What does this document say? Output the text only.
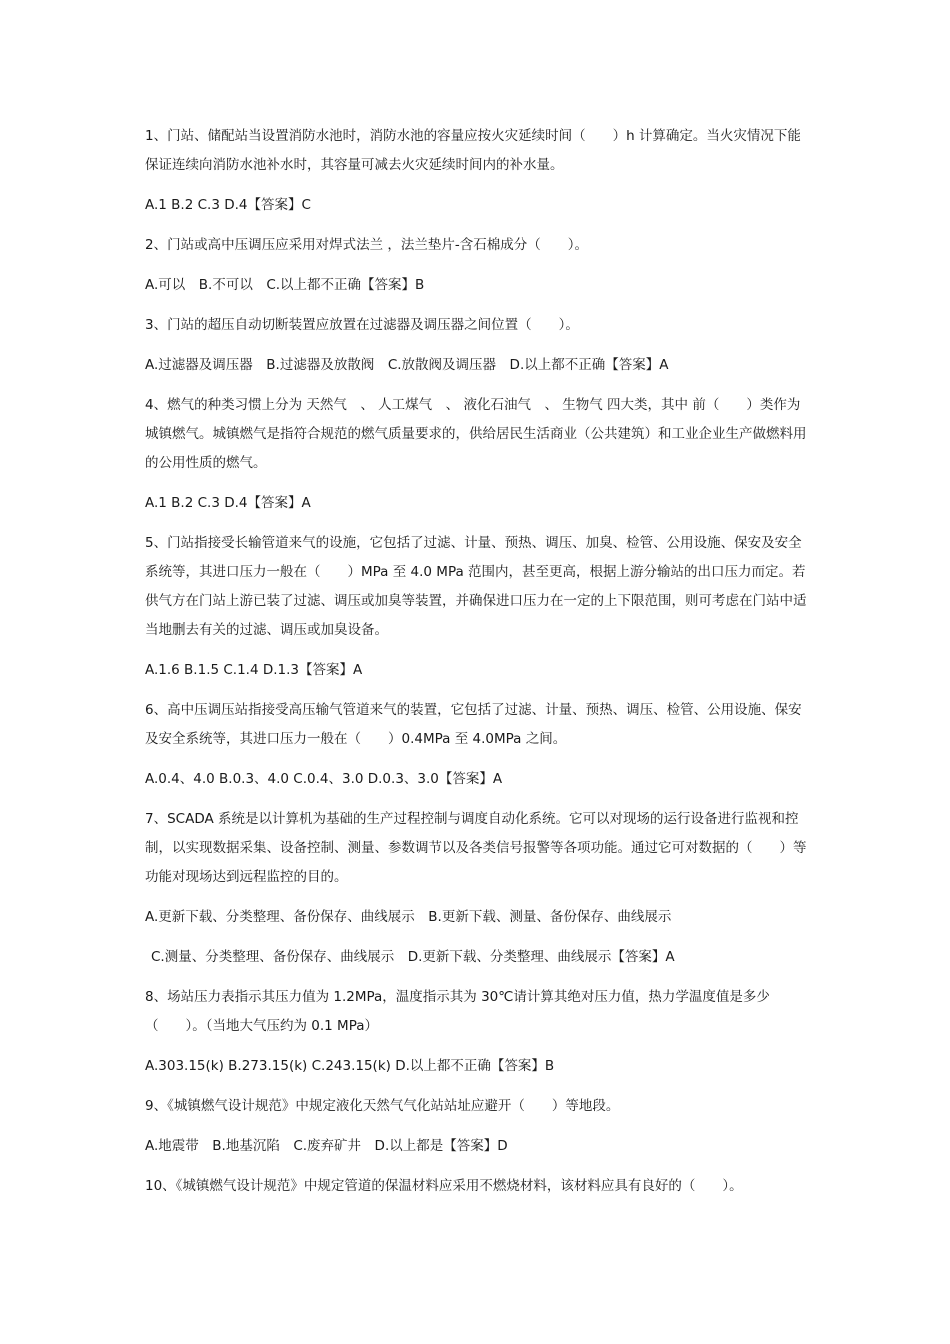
1、门站、储配站当设置消防水池时，消防水池的容量应按火灾延续时间（　　）h 计算确定。当火灾情况下能保证连续向消防水池补水时，其容量可减去火灾延续时间内的补水量。

A.1 B.2 C.3 D.4【答案】C

2、门站或高中压调压应采用对焊式法兰 ，法兰垫片-含石棉成分（　　）。

A.可以　B.不可以　C.以上都不正确【答案】B

3、门站的超压自动切断装置应放置在过滤器及调压器之间位置（　　）。

A.过滤器及调压器　B.过滤器及放散阀　C.放散阀及调压器　D.以上都不正确【答案】A

4、燃气的种类习惯上分为 天然气　、 人工煤气　、 液化石油气　、 生物气 四大类，其中 前（　　）类作为城镇燃气。城镇燃气是指符合规范的燃气质量要求的，供给居民生活商业（公共建筑）和工业企业生产做燃料用的公用性质的燃气。

A.1 B.2 C.3 D.4【答案】A

5、门站指接受长输管道来气的设施，它包括了过滤、计量、预热、调压、加臭、检管、公用设施、保安及安全系统等，其进口压力一般在（　　）MPa 至 4.0 MPa 范围内，甚至更高，根据上游分输站的出口压力而定。若供气方在门站上游已装了过滤、调压或加臭等装置，并确保进口压力在一定的上下限范围，则可考虑在门站中适当地删去有关的过滤、调压或加臭设备。

A.1.6 B.1.5 C.1.4 D.1.3【答案】A

6、高中压调压站指接受高压输气管道来气的装置，它包括了过滤、计量、预热、调压、检管、公用设施、保安及安全系统等，其进口压力一般在（　　）0.4MPa 至 4.0MPa 之间。

A.0.4、4.0 B.0.3、4.0 C.0.4、3.0 D.0.3、3.0【答案】A

7、SCADA 系统是以计算机为基础的生产过程控制与调度自动化系统。它可以对现场的运行设备进行监视和控制，以实现数据采集、设备控制、测量、参数调节以及各类信号报警等各项功能。通过它可对数据的（　　）等功能对现场达到远程监控的目的。

A.更新下载、分类整理、备份保存、曲线展示　B.更新下载、测量、备份保存、曲线展示

C.测量、分类整理、备份保存、曲线展示　D.更新下载、分类整理、曲线展示【答案】A

8、场站压力表指示其压力值为 1.2MPa，温度指示其为 30℃请计算其绝对压力值，热力学温度值是多少（　　）。（当地大气压约为 0.1 MPa）

A.303.15(k) B.273.15(k) C.243.15(k) D.以上都不正确【答案】B

9、《城镇燃气设计规范》中规定液化天然气气化站站址应避开（　　）等地段。

A.地震带　B.地基沉陷　C.废弃矿井　D.以上都是【答案】D

10、《城镇燃气设计规范》中规定管道的保温材料应采用不燃烧材料，该材料应具有良好的（　　）。
